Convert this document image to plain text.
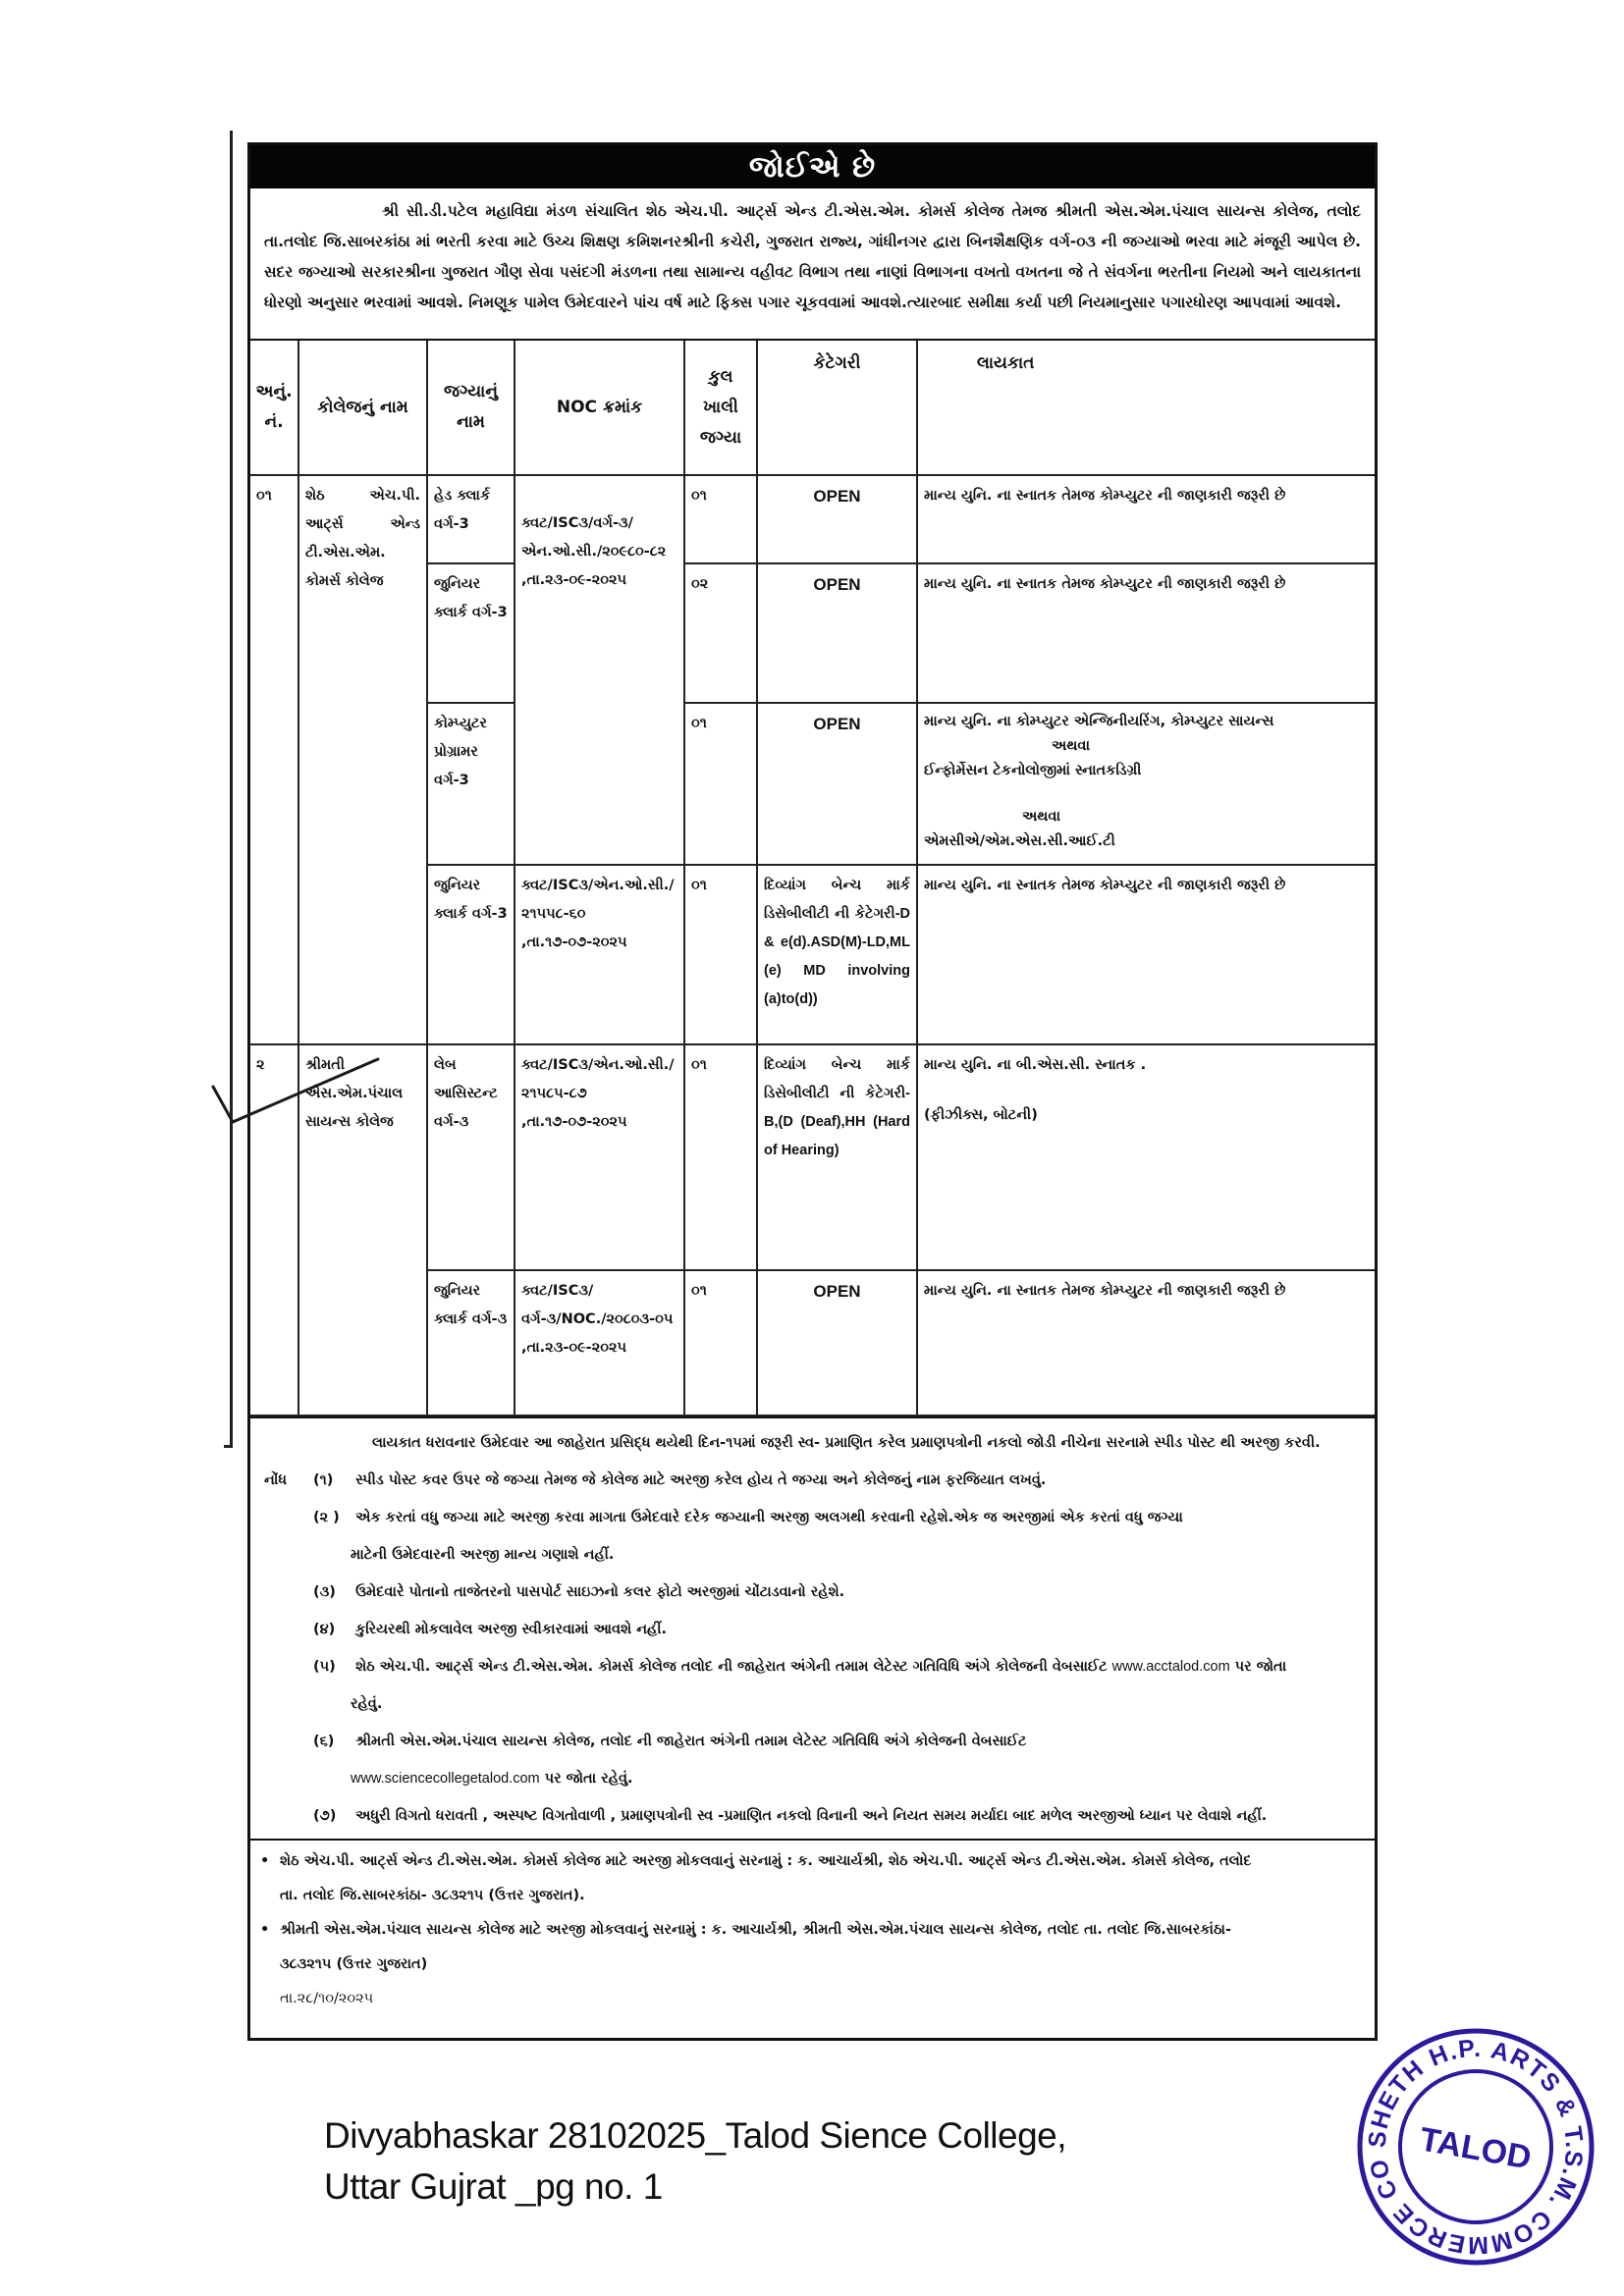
જોઈએ છે
શ્રી સી.ડી.પટેલ મહાવિદ્યા મંડળ સંચાલિત શેઠ એચ.પી. આર્ટ્સ એન્ડ ટી.એસ.એમ. કોમર્સ કોલેજ તેમજ શ્રીમતી એસ.એમ.પંચાલ સાયન્સ કોલેજ, તલોદ તા.તલોદ જિ.સાબરકાંઠા માં ભરતી કરવા માટે ઉચ્ચ શિક્ષણ કમિશનરશ્રીની કચેરી, ગુજરાત રાજ્ય, ગાંધીનગર દ્વારા બિનશૈક્ષણિક વર્ગ-૦૩ ની જગ્યાઓ ભરવા માટે મંજૂરી આપેલ છે. સદર જગ્યાઓ સરકારશ્રીના ગુજરાત ગૌણ સેવા પસંદગી મંડળના તથા સામાન્ય વહીવટ વિભાગ તથા નાણાં વિભાગના વખતો વખતના જે તે સંવર્ગના ભરતીના નિયમો અને લાયકાતના ધોરણો અનુસાર ભરવામાં આવશે. નિમણૂક પામેલ ઉમેદવારને પાંચ વર્ષ માટે ફિક્સ પગાર ચૂકવવામાં આવશે.ત્યારબાદ સમીક્ષા કર્યા પછી નિયમાનુસાર પગારધોરણ આપવામાં આવશે.
અનું. નં.	કોલેજનું નામ	જગ્યાનું નામ	NOC ક્રમાંક	કુલ ખાલી જગ્યા	કેટેગરી	લાયકાત
૦૧	શેઠ એચ.પી. આર્ટ્સ એન્ડ ટી.એસ.એમ. કોમર્સ કોલેજ	હેડ ક્લાર્ક વર્ગ-3	ક્વટ/ISC૩/વર્ગ-૩/એન.ઓ.સી./૨૦૯૮૦-૮૨ ,તા.૨૩-૦૯-૨૦૨૫	૦૧	OPEN	માન્ય યુનિ. ના સ્નાતક તેમજ કોમ્પ્યુટર ની જાણકારી જરૂરી છે
		જુનિયર ક્લાર્ક વર્ગ-3		૦૨	OPEN	માન્ય યુનિ. ના સ્નાતક તેમજ કોમ્પ્યુટર ની જાણકારી જરૂરી છે
		કોમ્પ્યુટર પ્રોગ્રામર વર્ગ-3		૦૧	OPEN	માન્ય યુનિ. ના કોમ્પ્યુટર એન્જિનીયરિંગ, કોમ્પ્યુટર સાયન્સ
અથવા
ઈન્ફોર્મેસન ટેકનોલોજીમાં સ્નાતકડિગ્રી
અથવા
એમસીએ/એમ.એસ.સી.આઈ.ટી

		જુનિયર ક્લાર્ક વર્ગ-3	ક્વટ/ISC૩/એન.ઓ.સી./૨૧૫૫૮-૬૦ ,તા.૧૭-૦૭-૨૦૨૫	૦૧	દિવ્યાંગ બેન્ચ માર્ક ડિસેબીલીટી ની કેટેગરી-D & e(d).ASD(M)-LD,ML (e) MD involving (a)to(d))	માન્ય યુનિ. ના સ્નાતક તેમજ કોમ્પ્યુટર ની જાણકારી જરૂરી છે
૨	શ્રીમતી એસ.એમ.પંચાલ સાયન્સ કોલેજ	લેબ આસિસ્ટન્ટ વર્ગ-૩	ક્વટ/ISC૩/એન.ઓ.સી./૨૧૫૮૫-૮૭ ,તા.૧૭-૦૭-૨૦૨૫	૦૧	દિવ્યાંગ બેન્ચ માર્ક ડિસેબીલીટી ની કેટેગરી-B,(D (Deaf),HH (Hard of Hearing)	માન્ય યુનિ. ના બી.એસ.સી. સ્નાતક .
(ફીઝીક્સ, બોટની)

		જુનિયર ક્લાર્ક વર્ગ-૩	ક્વટ/ISC૩/વર્ગ-૩/NOC./૨૦૮૦૩-૦૫ ,તા.૨૩-૦૯-૨૦૨૫	૦૧	OPEN	માન્ય યુનિ. ના સ્નાતક તેમજ કોમ્પ્યુટર ની જાણકારી જરૂરી છે
લાયકાત ધરાવનાર ઉમેદવાર આ જાહેરાત પ્રસિદ્ધ થયેથી દિન-૧૫માં જરૂરી સ્વ- પ્રમાણિત કરેલ પ્રમાણપત્રોની નકલો જોડી નીચેના સરનામે સ્પીડ પોસ્ટ થી અરજી કરવી.
નોંધ	(૧) સ્પીડ પોસ્ટ કવર ઉપર જે જગ્યા તેમજ જે કોલેજ માટે અરજી કરેલ હોય તે જગ્યા અને કોલેજનું નામ ફરજિયાત લખવું.
(૨ ) એક કરતાં વધુ જગ્યા માટે અરજી કરવા માગતા ઉમેદવારે દરેક જગ્યાની અરજી અલગથી કરવાની રહેશે.એક જ અરજીમાં એક કરતાં વધુ જગ્યા
માટેની ઉમેદવારની અરજી માન્ય ગણાશે નહીં.
(૩) ઉમેદવારે પોતાનો તાજેતરનો પાસપોર્ટ સાઇઝનો કલર ફોટો અરજીમાં ચોંટાડવાનો રહેશે.
(૪) કુરિયરથી મોકલાવેલ અરજી સ્વીકારવામાં આવશે નહીં.
(૫) શેઠ એચ.પી. આર્ટ્સ એન્ડ ટી.એસ.એમ. કોમર્સ કોલેજ તલોદ ની જાહેરાત અંગેની તમામ લેટેસ્ટ ગતિવિધિ અંગે કોલેજની વેબસાઈટ www.acctalod.com પર જોતા
રહેવું.
(૬) શ્રીમતી એસ.એમ.પંચાલ સાયન્સ કોલેજ, તલોદ ની જાહેરાત અંગેની તમામ લેટેસ્ટ ગતિવિધિ અંગે કોલેજની વેબસાઈટ
www.sciencecollegetalod.com પર જોતા રહેવું.
(૭) અધુરી વિગતો ધરાવતી , અસ્પષ્ટ વિગતોવાળી , પ્રમાણપત્રોની સ્વ -પ્રમાણિત નકલો વિનાની અને નિયત સમય મર્યાદા બાદ મળેલ અરજીઓ ધ્યાન પર લેવાશે નહીં.
• શેઠ એચ.પી. આર્ટ્સ એન્ડ ટી.એસ.એમ. કોમર્સ કોલેજ માટે અરજી મોકલવાનું સરનામું : ક. આચાર્યશ્રી, શેઠ એચ.પી. આર્ટ્સ એન્ડ ટી.એસ.એમ. કોમર્સ કોલેજ, તલોદ
તા. તલોદ જિ.સાબરકાંઠા- ૩૮૩૨૧૫ (ઉત્તર ગુજરાત).
• શ્રીમતી એસ.એમ.પંચાલ સાયન્સ કોલેજ માટે અરજી મોકલવાનું સરનામું : ક. આચાર્યશ્રી, શ્રીમતી એસ.એમ.પંચાલ સાયન્સ કોલેજ, તલોદ તા. તલોદ જિ.સાબરકાંઠા-
૩૮૩૨૧૫ (ઉત્તર ગુજરાત)
તા.૨૮/૧૦/૨૦૨૫
Divyabhaskar 28102025_Talod Sience College,
Uttar Gujrat _pg no. 1
SHETH H.P. ARTS & T.S.M. COMMERCE COLLEGE
TALOD
